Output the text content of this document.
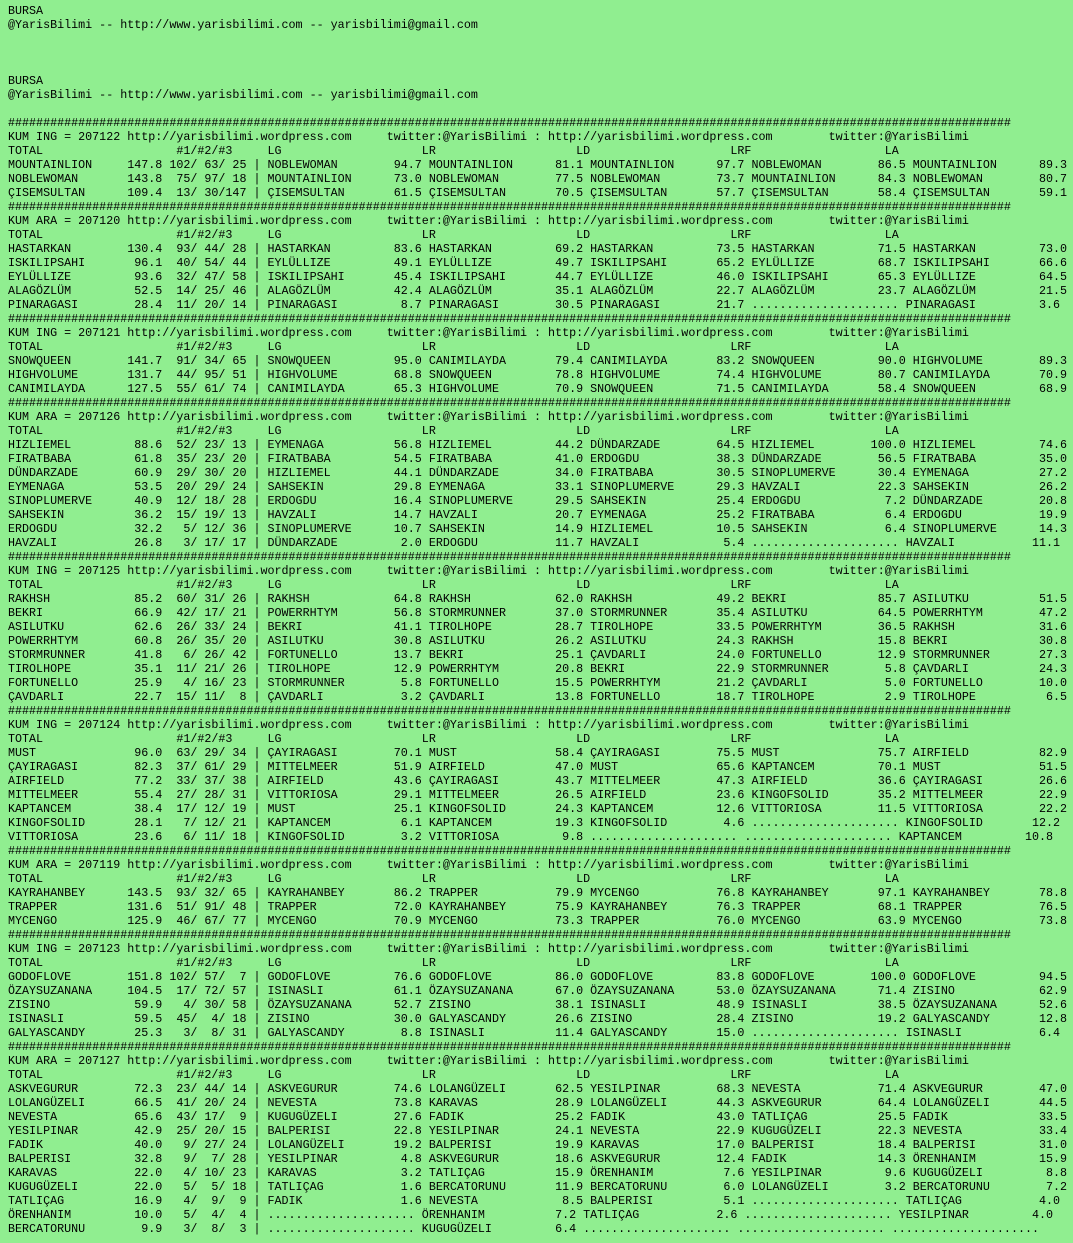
BURSA
@YarisBilimi -- http://www.yarisbilimi.com -- yarisbilimi@gmail.com
BURSA
@YarisBilimi -- http://www.yarisbilimi.com -- yarisbilimi@gmail.com
###############################################################################################################################################
KUM ING = 207122 http://yarisbilimi.wordpress.com     twitter:@YarisBilimi : http://yarisbilimi.wordpress.com        twitter:@YarisBilimi
TOTAL                   #1/#2/#3     LG                    LR                    LD                    LRF                   LA
MOUNTAINLION     147.8 102/ 63/ 25 | NOBLEWOMAN        94.7 MOUNTAINLION      81.1 MOUNTAINLION      97.7 NOBLEWOMAN        86.5 MOUNTAINLION      89.3
NOBLEWOMAN       143.8  75/ 97/ 18 | MOUNTAINLION      73.0 NOBLEWOMAN        77.5 NOBLEWOMAN        73.7 MOUNTAINLION      84.3 NOBLEWOMAN        80.7
ÇISEMSULTAN      109.4  13/ 30/147 | ÇISEMSULTAN       61.5 ÇISEMSULTAN       70.5 ÇISEMSULTAN       57.7 ÇISEMSULTAN       58.4 ÇISEMSULTAN       59.1
###############################################################################################################################################
KUM ARA = 207120 http://yarisbilimi.wordpress.com     twitter:@YarisBilimi : http://yarisbilimi.wordpress.com        twitter:@YarisBilimi
TOTAL                   #1/#2/#3     LG                    LR                    LD                    LRF                   LA
HASTARKAN        130.4  93/ 44/ 28 | HASTARKAN         83.6 HASTARKAN         69.2 HASTARKAN         73.5 HASTARKAN         71.5 HASTARKAN         73.0
ISKILIPSAHI       96.1  40/ 54/ 44 | EYLÜLLIZE         49.1 EYLÜLLIZE         49.7 ISKILIPSAHI       65.2 EYLÜLLIZE         68.7 ISKILIPSAHI       66.6
EYLÜLLIZE         93.6  32/ 47/ 58 | ISKILIPSAHI       45.4 ISKILIPSAHI       44.7 EYLÜLLIZE         46.0 ISKILIPSAHI       65.3 EYLÜLLIZE         64.5
ALAGÖZLÜM         52.5  14/ 25/ 46 | ALAGÖZLÜM         42.4 ALAGÖZLÜM         35.1 ALAGÖZLÜM         22.7 ALAGÖZLÜM         23.7 ALAGÖZLÜM         21.5
PINARAGASI        28.4  11/ 20/ 14 | PINARAGASI         8.7 PINARAGASI        30.5 PINARAGASI        21.7 ..................... PINARAGASI         3.6
###############################################################################################################################################
KUM ING = 207121 http://yarisbilimi.wordpress.com     twitter:@YarisBilimi : http://yarisbilimi.wordpress.com        twitter:@YarisBilimi
TOTAL                   #1/#2/#3     LG                    LR                    LD                    LRF                   LA
SNOWQUEEN        141.7  91/ 34/ 65 | SNOWQUEEN         95.0 CANIMILAYDA       79.4 CANIMILAYDA       83.2 SNOWQUEEN         90.0 HIGHVOLUME        89.3
HIGHVOLUME       131.7  44/ 95/ 51 | HIGHVOLUME        68.8 SNOWQUEEN         78.8 HIGHVOLUME        74.4 HIGHVOLUME        80.7 CANIMILAYDA       70.9
CANIMILAYDA      127.5  55/ 61/ 74 | CANIMILAYDA       65.3 HIGHVOLUME        70.9 SNOWQUEEN         71.5 CANIMILAYDA       58.4 SNOWQUEEN         68.9
###############################################################################################################################################
KUM ARA = 207126 http://yarisbilimi.wordpress.com     twitter:@YarisBilimi : http://yarisbilimi.wordpress.com        twitter:@YarisBilimi
TOTAL                   #1/#2/#3     LG                    LR                    LD                    LRF                   LA
HIZLIEMEL         88.6  52/ 23/ 13 | EYMENAGA          56.8 HIZLIEMEL         44.2 DÜNDARZADE        64.5 HIZLIEMEL        100.0 HIZLIEMEL         74.6
FIRATBABA         61.8  35/ 23/ 20 | FIRATBABA         54.5 FIRATBABA         41.0 ERDOGDU           38.3 DÜNDARZADE        56.5 FIRATBABA         35.0
DÜNDARZADE        60.9  29/ 30/ 20 | HIZLIEMEL         44.1 DÜNDARZADE        34.0 FIRATBABA         30.5 SINOPLUMERVE      30.4 EYMENAGA          27.2
EYMENAGA          53.5  20/ 29/ 24 | SAHSEKIN          29.8 EYMENAGA          33.1 SINOPLUMERVE      29.3 HAVZALI           22.3 SAHSEKIN          26.2
SINOPLUMERVE      40.9  12/ 18/ 28 | ERDOGDU           16.4 SINOPLUMERVE      29.5 SAHSEKIN          25.4 ERDOGDU            7.2 DÜNDARZADE        20.8
SAHSEKIN          36.2  15/ 19/ 13 | HAVZALI           14.7 HAVZALI           20.7 EYMENAGA          25.2 FIRATBABA          6.4 ERDOGDU           19.9
ERDOGDU           32.2   5/ 12/ 36 | SINOPLUMERVE      10.7 SAHSEKIN          14.9 HIZLIEMEL         10.5 SAHSEKIN           6.4 SINOPLUMERVE      14.3
HAVZALI           26.8   3/ 17/ 17 | DÜNDARZADE         2.0 ERDOGDU           11.7 HAVZALI            5.4 ..................... HAVZALI           11.1
###############################################################################################################################################
KUM ING = 207125 http://yarisbilimi.wordpress.com     twitter:@YarisBilimi : http://yarisbilimi.wordpress.com        twitter:@YarisBilimi
TOTAL                   #1/#2/#3     LG                    LR                    LD                    LRF                   LA
RAKHSH            85.2  60/ 31/ 26 | RAKHSH            64.8 RAKHSH            62.0 RAKHSH            49.2 BEKRI             85.7 ASILUTKU          51.5
BEKRI             66.9  42/ 17/ 21 | POWERRHTYM        56.8 STORMRUNNER       37.0 STORMRUNNER       35.4 ASILUTKU          64.5 POWERRHTYM        47.2
ASILUTKU          62.6  26/ 33/ 24 | BEKRI             41.1 TIROLHOPE         28.7 TIROLHOPE         33.5 POWERRHTYM        36.5 RAKHSH            31.6
POWERRHTYM        60.8  26/ 35/ 20 | ASILUTKU          30.8 ASILUTKU          26.2 ASILUTKU          24.3 RAKHSH            15.8 BEKRI             30.8
STORMRUNNER       41.8   6/ 26/ 42 | FORTUNELLO        13.7 BEKRI             25.1 ÇAVDARLI          24.0 FORTUNELLO        12.9 STORMRUNNER       27.3
TIROLHOPE         35.1  11/ 21/ 26 | TIROLHOPE         12.9 POWERRHTYM        20.8 BEKRI             22.9 STORMRUNNER        5.8 ÇAVDARLI          24.3
FORTUNELLO        25.9   4/ 16/ 23 | STORMRUNNER        5.8 FORTUNELLO        15.5 POWERRHTYM        21.2 ÇAVDARLI           5.0 FORTUNELLO        10.0
ÇAVDARLI          22.7  15/ 11/  8 | ÇAVDARLI           3.2 ÇAVDARLI          13.8 FORTUNELLO        18.7 TIROLHOPE          2.9 TIROLHOPE          6.5
###############################################################################################################################################
KUM ING = 207124 http://yarisbilimi.wordpress.com     twitter:@YarisBilimi : http://yarisbilimi.wordpress.com        twitter:@YarisBilimi
TOTAL                   #1/#2/#3     LG                    LR                    LD                    LRF                   LA
MUST              96.0  63/ 29/ 34 | ÇAYIRAGASI        70.1 MUST              58.4 ÇAYIRAGASI        75.5 MUST              75.7 AIRFIELD          82.9
ÇAYIRAGASI        82.3  37/ 61/ 29 | MITTELMEER        51.9 AIRFIELD          47.0 MUST              65.6 KAPTANCEM         70.1 MUST              51.5
AIRFIELD          77.2  33/ 37/ 38 | AIRFIELD          43.6 ÇAYIRAGASI        43.7 MITTELMEER        47.3 AIRFIELD          36.6 ÇAYIRAGASI        26.6
MITTELMEER        55.4  27/ 28/ 31 | VITTORIOSA        29.1 MITTELMEER        26.5 AIRFIELD          23.6 KINGOFSOLID       35.2 MITTELMEER        22.9
KAPTANCEM         38.4  17/ 12/ 19 | MUST              25.1 KINGOFSOLID       24.3 KAPTANCEM         12.6 VITTORIOSA        11.5 VITTORIOSA        22.2
KINGOFSOLID       28.1   7/ 12/ 21 | KAPTANCEM          6.1 KAPTANCEM         19.3 KINGOFSOLID        4.6 ..................... KINGOFSOLID       12.2
VITTORIOSA        23.6   6/ 11/ 18 | KINGOFSOLID        3.2 VITTORIOSA         9.8 ..................... ..................... KAPTANCEM         10.8
###############################################################################################################################################
KUM ARA = 207119 http://yarisbilimi.wordpress.com     twitter:@YarisBilimi : http://yarisbilimi.wordpress.com        twitter:@YarisBilimi
TOTAL                   #1/#2/#3     LG                    LR                    LD                    LRF                   LA
KAYRAHANBEY      143.5  93/ 32/ 65 | KAYRAHANBEY       86.2 TRAPPER           79.9 MYCENGO           76.8 KAYRAHANBEY       97.1 KAYRAHANBEY       78.8
TRAPPER          131.6  51/ 91/ 48 | TRAPPER           72.0 KAYRAHANBEY       75.9 KAYRAHANBEY       76.3 TRAPPER           68.1 TRAPPER           76.5
MYCENGO          125.9  46/ 67/ 77 | MYCENGO           70.9 MYCENGO           73.3 TRAPPER           76.0 MYCENGO           63.9 MYCENGO           73.8
###############################################################################################################################################
KUM ING = 207123 http://yarisbilimi.wordpress.com     twitter:@YarisBilimi : http://yarisbilimi.wordpress.com        twitter:@YarisBilimi
TOTAL                   #1/#2/#3     LG                    LR                    LD                    LRF                   LA
GODOFLOVE        151.8 102/ 57/  7 | GODOFLOVE         76.6 GODOFLOVE         86.0 GODOFLOVE         83.8 GODOFLOVE        100.0 GODOFLOVE         94.5
ÖZAYSUZANANA     104.5  17/ 72/ 57 | ISINASLI          61.1 ÖZAYSUZANANA      67.0 ÖZAYSUZANANA      53.0 ÖZAYSUZANANA      71.4 ZISINO            62.9
ZISINO            59.9   4/ 30/ 58 | ÖZAYSUZANANA      52.7 ZISINO            38.1 ISINASLI          48.9 ISINASLI          38.5 ÖZAYSUZANANA      52.6
ISINASLI          59.5  45/  4/ 18 | ZISINO            30.0 GALYASCANDY       26.6 ZISINO            28.4 ZISINO            19.2 GALYASCANDY       12.8
GALYASCANDY       25.3   3/  8/ 31 | GALYASCANDY        8.8 ISINASLI          11.4 GALYASCANDY       15.0 ..................... ISINASLI           6.4
###############################################################################################################################################
KUM ARA = 207127 http://yarisbilimi.wordpress.com     twitter:@YarisBilimi : http://yarisbilimi.wordpress.com        twitter:@YarisBilimi
TOTAL                   #1/#2/#3     LG                    LR                    LD                    LRF                   LA
ASKVEGURUR        72.3  23/ 44/ 14 | ASKVEGURUR        74.6 LOLANGÜZELI       62.5 YESILPINAR        68.3 NEVESTA           71.4 ASKVEGURUR        47.0
LOLANGÜZELI       66.5  41/ 20/ 24 | NEVESTA           73.8 KARAVAS           28.9 LOLANGÜZELI       44.3 ASKVEGURUR        64.4 LOLANGÜZELI       44.5
NEVESTA           65.6  43/ 17/  9 | KUGUGÜZELI        27.6 FADIK             25.2 FADIK             43.0 TATLIÇAG          25.5 FADIK             33.5
YESILPINAR        42.9  25/ 20/ 15 | BALPERISI         22.8 YESILPINAR        24.1 NEVESTA           22.9 KUGUGÜZELI        22.3 NEVESTA           33.4
FADIK             40.0   9/ 27/ 24 | LOLANGÜZELI       19.2 BALPERISI         19.9 KARAVAS           17.0 BALPERISI         18.4 BALPERISI         31.0
BALPERISI         32.8   9/  7/ 28 | YESILPINAR         4.8 ASKVEGURUR        18.6 ASKVEGURUR        12.4 FADIK             14.3 ÖRENHANIM         15.9
KARAVAS           22.0   4/ 10/ 23 | KARAVAS            3.2 TATLIÇAG          15.9 ÖRENHANIM          7.6 YESILPINAR         9.6 KUGUGÜZELI         8.8
KUGUGÜZELI        22.0   5/  5/ 18 | TATLIÇAG           1.6 BERCATORUNU       11.9 BERCATORUNU        6.0 LOLANGÜZELI        3.2 BERCATORUNU        7.2
TATLIÇAG          16.9   4/  9/  9 | FADIK              1.6 NEVESTA            8.5 BALPERISI          5.1 ..................... TATLIÇAG           4.0
ÖRENHANIM         10.0   5/  4/  4 | ..................... ÖRENHANIM          7.2 TATLIÇAG           2.6 ..................... YESILPINAR         4.0
BERCATORUNU        9.9   3/  8/  3 | ..................... KUGUGÜZELI         6.4 ..................... ..................... .....................
